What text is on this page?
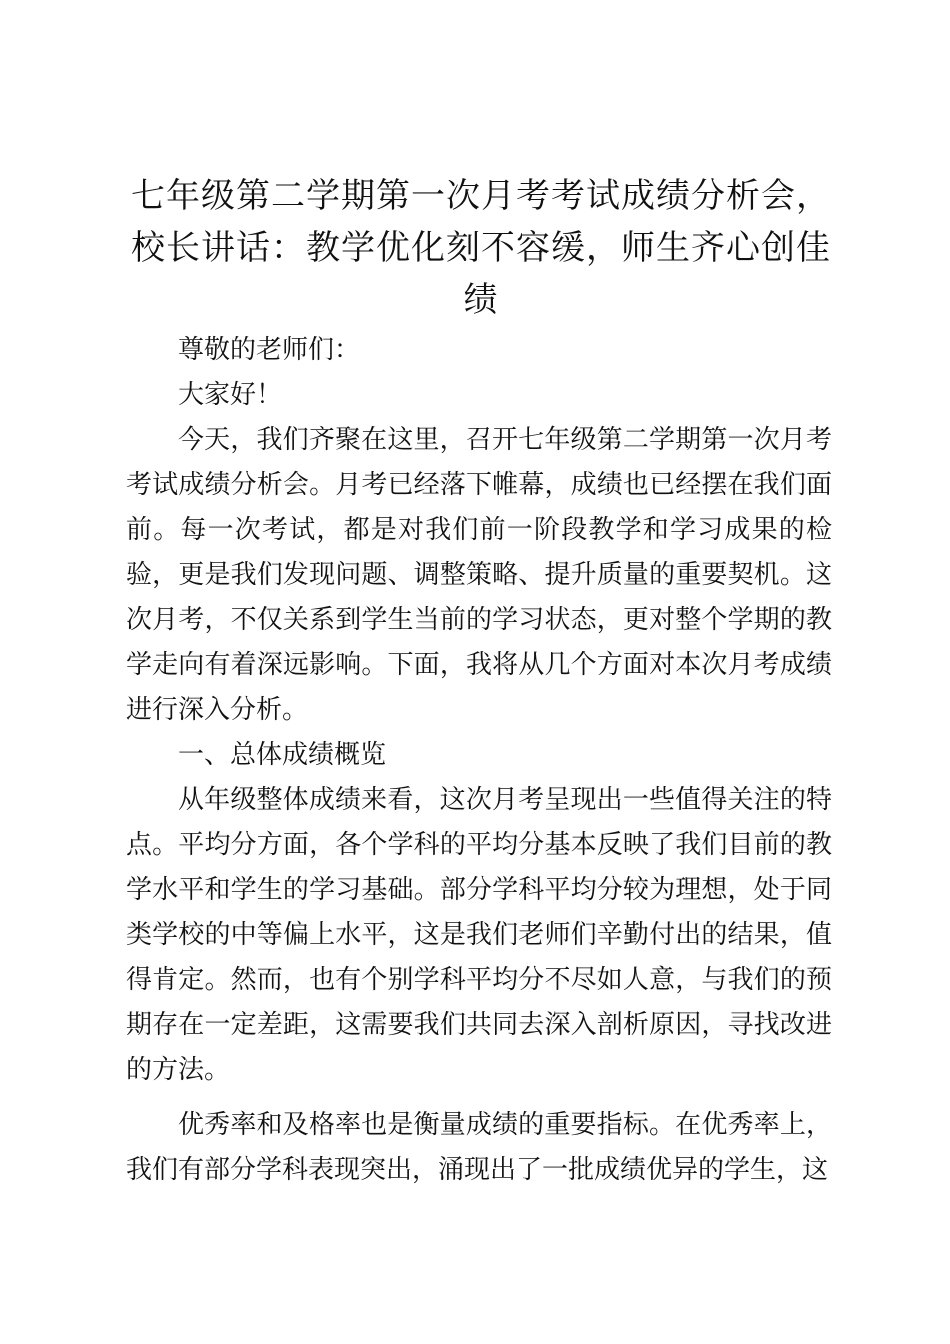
七年级第二学期第一次月考考试成绩分析会，校长讲话：教学优化刻不容缓，师生齐心创佳绩

尊敬的老师们：

大家好！

今天，我们齐聚在这里，召开七年级第二学期第一次月考考试成绩分析会。月考已经落下帷幕，成绩也已经摆在我们面前。每一次考试，都是对我们前一阶段教学和学习成果的检验，更是我们发现问题、调整策略、提升质量的重要契机。这次月考，不仅关系到学生当前的学习状态，更对整个学期的教学走向有着深远影响。下面，我将从几个方面对本次月考成绩进行深入分析。

一、总体成绩概览

从年级整体成绩来看，这次月考呈现出一些值得关注的特点。平均分方面，各个学科的平均分基本反映了我们目前的教学水平和学生的学习基础。部分学科平均分较为理想，处于同类学校的中等偏上水平，这是我们老师们辛勤付出的结果，值得肯定。然而，也有个别学科平均分不尽如人意，与我们的预期存在一定差距，这需要我们共同去深入剖析原因，寻找改进的方法。

优秀率和及格率也是衡量成绩的重要指标。在优秀率上，我们有部分学科表现突出，涌现出了一批成绩优异的学生，这
